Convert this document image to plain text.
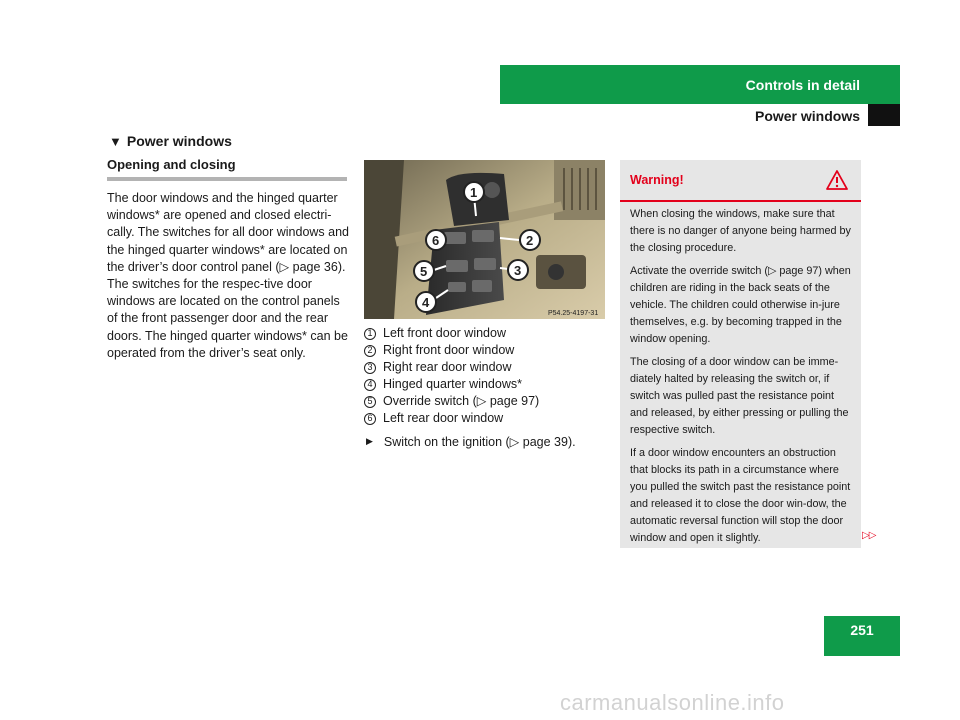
Controls in detail
Power windows
▼ Power windows
Opening and closing
The door windows and the hinged quarter windows* are opened and closed electri-cally. The switches for all door windows and the hinged quarter windows* are located on the driver’s door control panel (▷ page 36). The switches for the respec-tive door windows are located on the control panels of the front passenger door and the rear doors. The hinged quarter windows* can be operated from the driver’s seat only.
1
2
3
4
5
6
P54.25-4197-31
1 Left front door window
2 Right front door window
3 Right rear door window
4 Hinged quarter windows*
5 Override switch (▷ page 97)
6 Left rear door window
▶ Switch on the ignition (▷ page 39).
Warning!

When closing the windows, make sure that there is no danger of anyone being harmed by the closing procedure.

Activate the override switch (▷ page 97) when children are riding in the back seats of the vehicle. The children could otherwise in-jure themselves, e.g. by becoming trapped in the window opening.

The closing of a door window can be imme-diately halted by releasing the switch or, if switch was pulled past the resistance point and released, by either pressing or pulling the respective switch.

If a door window encounters an obstruction that blocks its path in a circumstance where you pulled the switch past the resistance point and released it to close the door win-dow, the automatic reversal function will stop the door window and open it slightly.	▷▷
251
carmanualsonline.info
